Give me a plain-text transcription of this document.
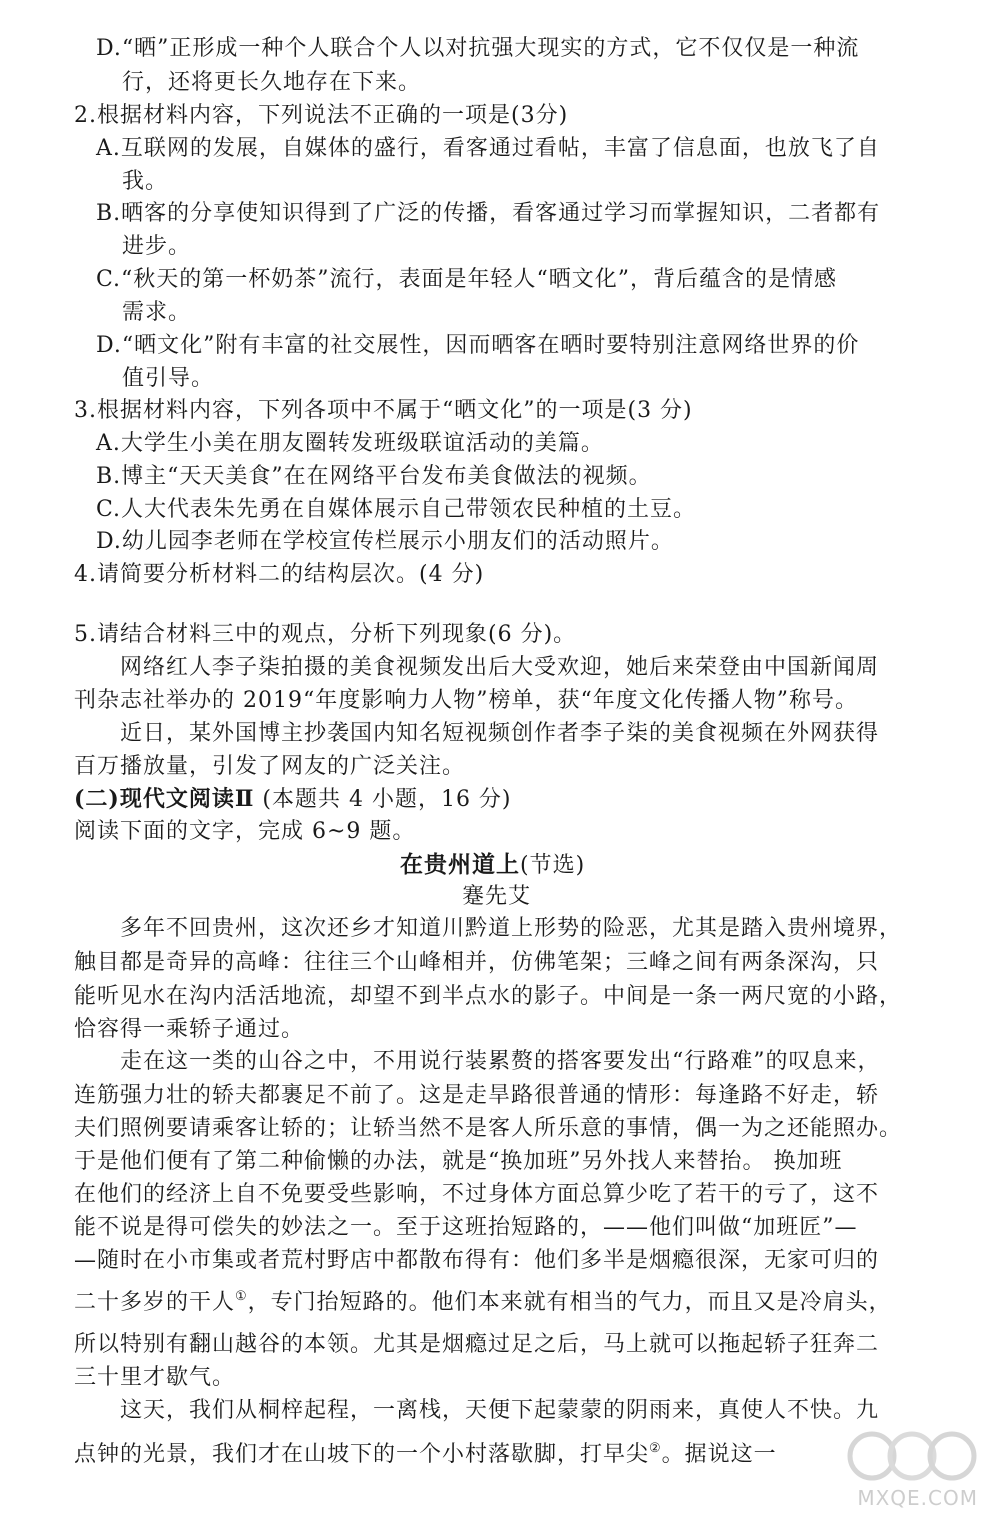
D.“晒”正形成一种个人联合个人以对抗强大现实的方式，它不仅仅是一种流
行，还将更长久地存在下来。
2.根据材料内容，下列说法不正确的一项是(3分)
A.互联网的发展，自媒体的盛行，看客通过看帖，丰富了信息面，也放飞了自
我。
B.晒客的分享使知识得到了广泛的传播，看客通过学习而掌握知识，二者都有
进步。
C.“秋天的第一杯奶茶”流行，表面是年轻人“晒文化”，背后蕴含的是情感
需求。
D.“晒文化”附有丰富的社交展性，因而晒客在晒时要特别注意网络世界的价
值引导。
3.根据材料内容，下列各项中不属于“晒文化”的一项是(3 分)
A.大学生小美在朋友圈转发班级联谊活动的美篇。
B.博主“天天美食”在在网络平台发布美食做法的视频。
C.人大代表朱先勇在自媒体展示自己带领农民种植的土豆。
D.幼儿园李老师在学校宣传栏展示小朋友们的活动照片。
4.请简要分析材料二的结构层次。(4 分)
5.请结合材料三中的观点，分析下列现象(6 分)。
网络红人李子柒拍摄的美食视频发出后大受欢迎，她后来荣登由中国新闻周
刊杂志社举办的 2019“年度影响力人物”榜单，获“年度文化传播人物”称号。
近日，某外国博主抄袭国内知名短视频创作者李子柒的美食视频在外网获得
百万播放量，引发了网友的广泛关注。
(二)现代文阅读Ⅱ (本题共 4 小题，16 分)
阅读下面的文字，完成 6~9 题。
在贵州道上(节选)
蹇先艾
多年不回贵州，这次还乡才知道川黔道上形势的险恶，尤其是踏入贵州境界，
触目都是奇异的高峰：往往三个山峰相并，仿佛笔架；三峰之间有两条深沟，只
能听见水在沟内活活地流，却望不到半点水的影子。中间是一条一两尺宽的小路，
恰容得一乘轿子通过。
走在这一类的山谷之中，不用说行装累赘的搭客要发出“行路难”的叹息来，
连筋强力壮的轿夫都裹足不前了。这是走旱路很普通的情形：每逢路不好走，轿
夫们照例要请乘客让轿的；让轿当然不是客人所乐意的事情，偶一为之还能照办。
于是他们便有了第二种偷懒的办法，就是“换加班”另外找人来替抬。 换加班
在他们的经济上自不免要受些影响，不过身体方面总算少吃了若干的亏了，这不
能不说是得可偿失的妙法之一。至于这班抬短路的，——他们叫做“加班匠”—
—随时在小市集或者荒村野店中都散布得有：他们多半是烟瘾很深，无家可归的
二十多岁的干人①，专门抬短路的。他们本来就有相当的气力，而且又是冷肩头，
所以特别有翻山越谷的本领。尤其是烟瘾过足之后，马上就可以拖起轿子狂奔二
三十里才歇气。
这天，我们从桐梓起程，一离栈，天便下起蒙蒙的阴雨来，真使人不快。九
点钟的光景，我们才在山坡下的一个小村落歇脚，打早尖②。据说这一
MXQE.COM
